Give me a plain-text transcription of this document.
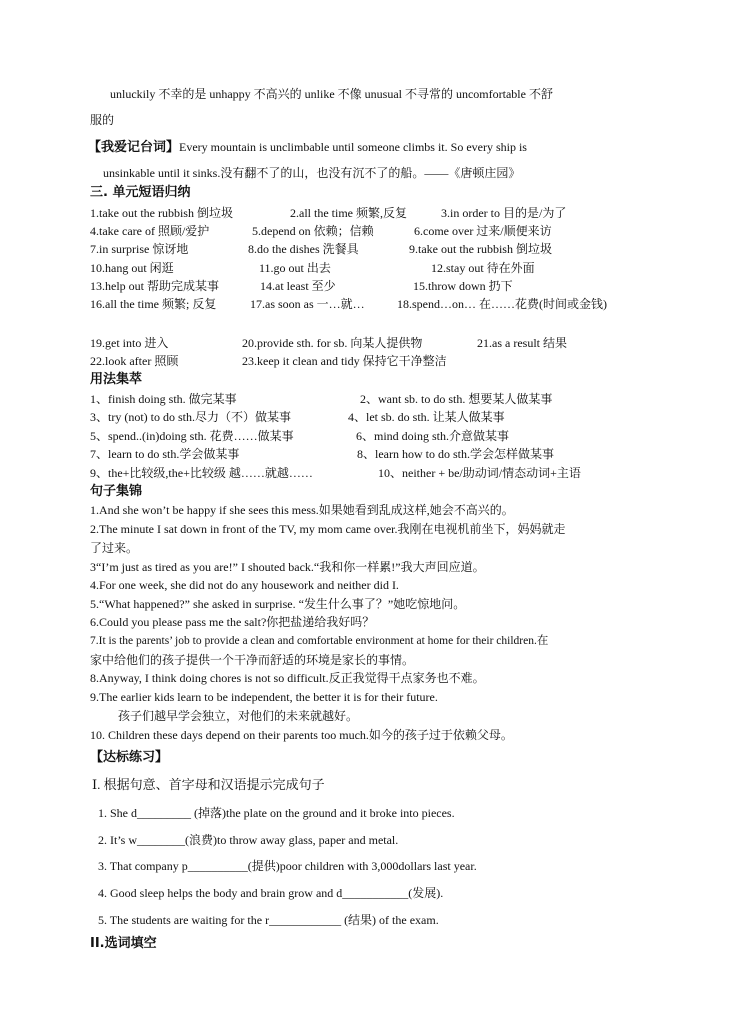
unluckily 不幸的是 unhappy 不高兴的 unlike 不像 unusual 不寻常的 uncomfortable 不舒
服的
【我爱记台词】Every mountain is unclimbable until someone climbs it. So every ship is
unsinkable until it sinks.没有翻不了的山，也没有沉不了的船。——《唐顿庄园》
三. 单元短语归纳
1.take out the rubbish 倒垃圾	2.all the time 频繁,反复	3.in order to 目的是/为了
4.take care of 照顾/爱护	5.depend on 依赖；信赖	6.come over 过来/顺便来访
7.in surprise 惊讶地	8.do the dishes 洗餐具	9.take out the rubbish 倒垃圾
10.hang out 闲逛	11.go out 出去	12.stay out 待在外面
13.help out 帮助完成某事	14.at least 至少	15.throw down 扔下
16.all the time 频繁; 反复	17.as soon as 一…就…	18.spend…on… 在……花费(时间或金钱)
19.get into 进入	20.provide sth. for sb. 向某人提供物	21.as a result 结果
22.look after 照顾	23.keep it clean and tidy 保持它干净整洁
用法集萃
1、finish doing sth. 做完某事	2、want sb. to do sth. 想要某人做某事
3、try (not) to do sth.尽力（不）做某事	4、let sb. do sth. 让某人做某事
5、spend..(in)doing sth. 花费……做某事	6、mind doing sth.介意做某事
7、learn to do sth.学会做某事	8、learn how to do sth.学会怎样做某事
9、the+比较级,the+比较级 越……就越……	10、neither + be/助动词/情态动词+主语
句子集锦
1.And she won’t be happy if she sees this mess.如果她看到乱成这样,她会不高兴的。
2.The minute I sat down in front of the TV, my mom came over.我刚在电视机前坐下，妈妈就走
了过来。
3“I’m just as tired as you are!” I shouted back.“我和你一样累!”我大声回应道。
4.For one week, she did not do any housework and neither did I.
5.“What happened?” she asked in surprise. “发生什么事了？”她吃惊地问。
6.Could you please pass me the salt?你把盐递给我好吗？
7.It is the parents’ job to provide a clean and comfortable environment at home for their children.在
家中给他们的孩子提供一个干净而舒适的环境是家长的事情。
8.Anyway, I think doing chores is not so difficult.反正我觉得干点家务也不难。
9.The earlier kids learn to be independent, the better it is for their future.
孩子们越早学会独立，对他们的未来就越好。
10. Children these days depend on their parents too much.如今的孩子过于依赖父母。
【达标练习】
Ⅰ. 根据句意、首字母和汉语提示完成句子
1. She d_________ (掉落)the plate on the ground and it broke into pieces.
2. It’s w________(浪费)to throw away glass, paper and metal.
3. That company p__________(提供)poor children with 3,000dollars last year.
4. Good sleep helps the body and brain grow and d___________(发展).
5. The students are waiting for the r____________ (结果) of the exam.
II.选词填空
